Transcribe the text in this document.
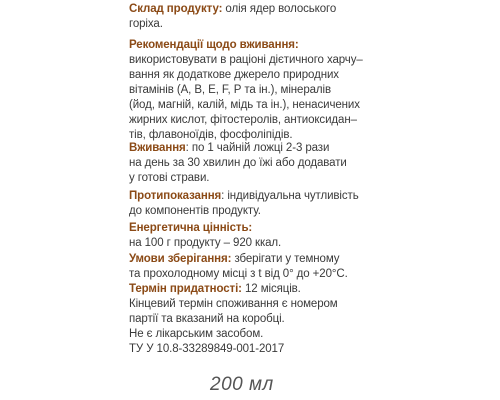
Склад продукту: олія ядер волоського
горіха.
Рекомендації щодо вживання:
використовувати в раціоні дієтичного харчу–
вання як додаткове джерело природних
вітамінів (А, В, Е, F, Р та ін.), мінералів
(йод, магній, калій, мідь та ін.), ненасичених
жирних кислот, фітостеролів, антиоксидан–
тів, флавоноїдів, фосфоліпідів.
Вживання: по 1 чайній ложці 2-3 рази
на день за 30 хвилин до їжі або додавати
у готові страви.
Протипоказання: індивідуальна чутливість
до компонентів продукту.
Енергетична цінність:
на 100 г продукту – 920 ккал.
Умови зберігання: зберігати у темному
та прохолодному місці з t від 0° до +20°С.
Термін придатності: 12 місяців.
Кінцевий термін споживання є номером
партії та вказаний на коробці.
Не є лікарським засобом.
ТУ У 10.8-33289849-001-2017
200 мл
